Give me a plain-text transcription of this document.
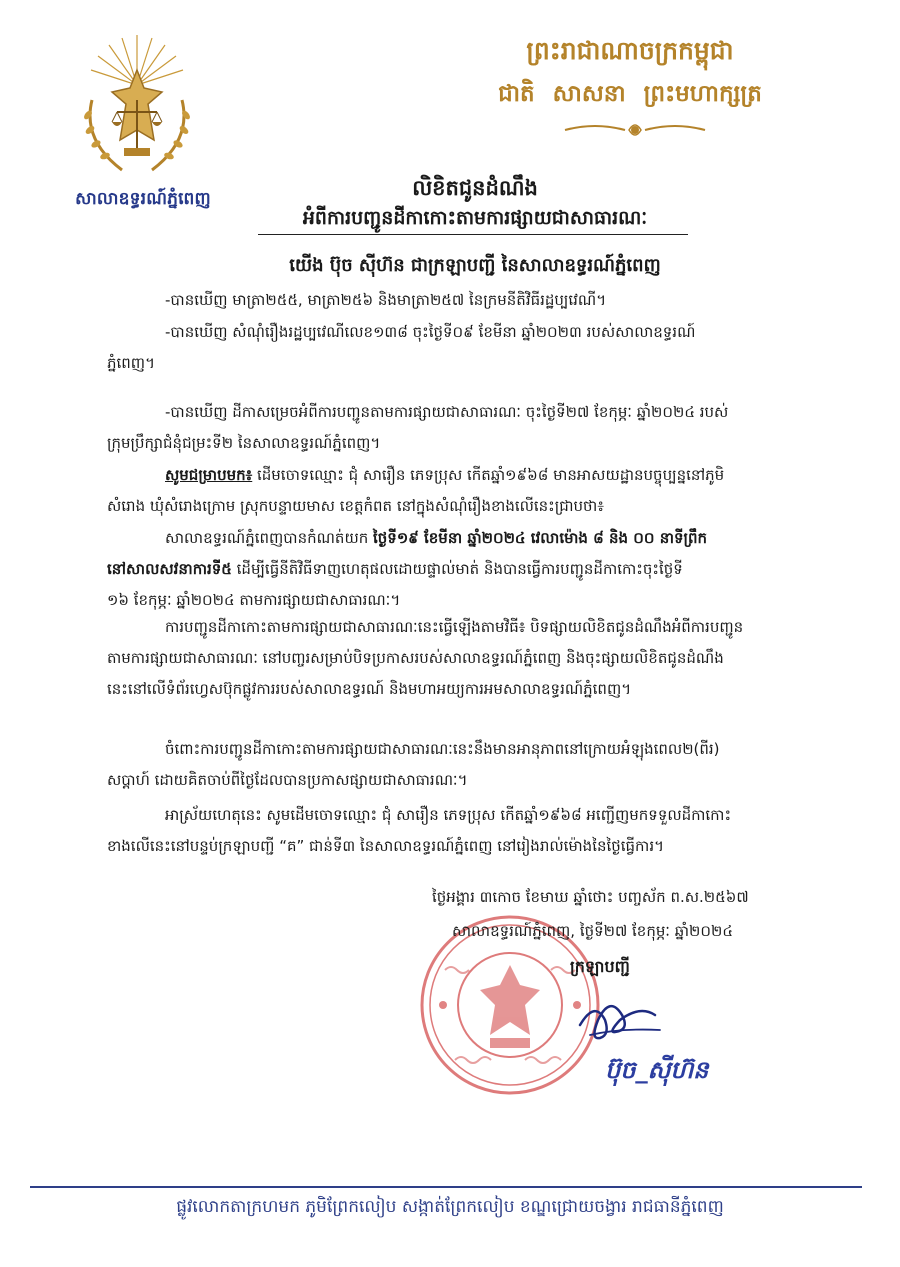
សាលាឧទ្ធរណ៍ភ្នំពេញ
ព្រះរាជាណាចក្រកម្ពុជា
ជាតិ សាសនា ព្រះមហាក្សត្រ
លិខិតជូនដំណឹង
អំពីការបញ្ជូនដីកាកោះតាមការផ្សាយជាសាធារណៈ
យើង ប៊ុច ស៊ីហ៊ន ជាក្រឡាបញ្ជី នៃសាលាឧទ្ធរណ៍ភ្នំពេញ
-បានឃើញ មាត្រា២៥៥, មាត្រា២៥៦ និងមាត្រា២៥៧ នៃក្រមនីតិវិធីរដ្ឋប្បវេណី។
-បានឃើញ សំណុំរឿងរដ្ឋប្បវេណីលេខ១៣៨ ចុះថ្ងៃទី០៩ ខែមីនា ឆ្នាំ២០២៣ របស់សាលាឧទ្ធរណ៍
ភ្នំពេញ។
-បានឃើញ ដីកាសម្រេចអំពីការបញ្ជូនតាមការផ្សាយជាសាធារណៈ ចុះថ្ងៃទី២៧ ខែកុម្ភៈ ឆ្នាំ២០២៤ របស់
ក្រុមប្រឹក្សាជំនុំជម្រះទី២ នៃសាលាឧទ្ធរណ៍ភ្នំពេញ។
សូមជម្រាបមក៖ ដើមចោទឈ្មោះ ជុំ សារឿន ភេទប្រុស កើតឆ្នាំ១៩៦៨ មានអាសយដ្ឋានបច្ចុប្បន្ននៅភូមិ
សំរោង ឃុំសំរោងក្រោម ស្រុកបន្ទាយមាស ខេត្តកំពត នៅក្នុងសំណុំរឿងខាងលើនេះជ្រាបថា៖
សាលាឧទ្ធរណ៍ភ្នំពេញបានកំណត់យក ថ្ងៃទី១៩ ខែមីនា ឆ្នាំ២០២៤ វេលាម៉ោង ៨ និង ០០ នាទីព្រឹក
នៅសាលសវនាការទី៥ ដើម្បីធ្វើនីតិវិធីទាញហេតុផលដោយផ្ទាល់មាត់ និងបានធ្វើការបញ្ជូនដីកាកោះចុះថ្ងៃទី
១៦ ខែកុម្ភៈ ឆ្នាំ២០២៤ តាមការផ្សាយជាសាធារណៈ។
ការបញ្ជូនដីកាកោះតាមការផ្សាយជាសាធារណៈនេះធ្វើឡើងតាមវិធី៖ បិទផ្សាយលិខិតជូនដំណឹងអំពីការបញ្ជូន
តាមការផ្សាយជាសាធារណៈ នៅបញ្ចរសម្រាប់បិទប្រកាសរបស់សាលាឧទ្ធរណ៍ភ្នំពេញ និងចុះផ្សាយលិខិតជូនដំណឹង
នេះនៅលើទំព័រហ្វេសប៊ុកផ្លូវការរបស់សាលាឧទ្ធរណ៍ និងមហាអយ្យការអមសាលាឧទ្ធរណ៍ភ្នំពេញ។
ចំពោះការបញ្ជូនដីកាកោះតាមការផ្សាយជាសាធារណៈនេះនឹងមានអានុភាពនៅក្រោយអំឡុងពេល២(ពីរ)
សប្តាហ៍ ដោយគិតចាប់ពីថ្ងៃដែលបានប្រកាសផ្សាយជាសាធារណៈ។
អាស្រ័យហេតុនេះ សូមដើមចោទឈ្មោះ ជុំ សារឿន ភេទប្រុស កើតឆ្នាំ១៩៦៨ អញ្ជើញមកទទួលដីកាកោះ
ខាងលើនេះនៅបន្ទប់ក្រឡាបញ្ជី “គ” ជាន់ទី៣ នៃសាលាឧទ្ធរណ៍ភ្នំពេញ នៅរៀងរាល់ម៉ោងនៃថ្ងៃធ្វើការ។
ថ្ងៃអង្គារ ៣កោច ខែមាឃ ឆ្នាំថោះ បញ្ចស័ក ព.ស.២៥៦៧
សាលាឧទ្ធរណ៍ភ្នំពេញ, ថ្ងៃទី២៧ ខែកុម្ភៈ ឆ្នាំ២០២៤
ក្រឡាបញ្ជី
ប៊ុច_ស៊ីហ៊ន
ផ្លូវលោកតាក្រហមក ភូមិព្រែកលៀប សង្កាត់ព្រែកលៀប ខណ្ឌជ្រោយចង្វារ រាជធានីភ្នំពេញ
